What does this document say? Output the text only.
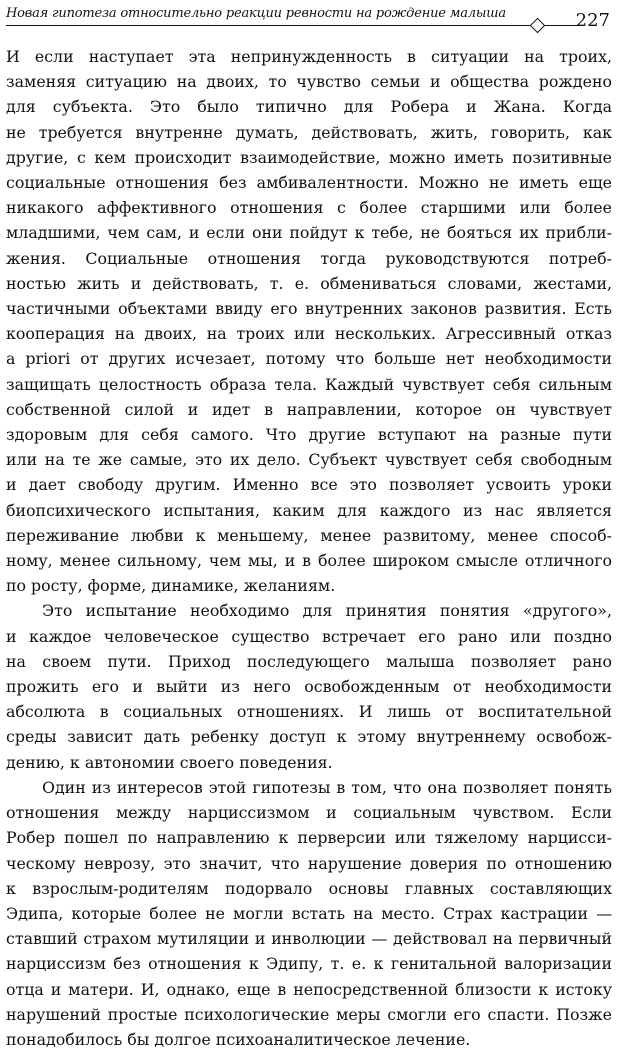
Новая гипотеза относительно реакции ревности на рождение малыша	227
И если наступает эта непринужденность в ситуации на троих,
заменяя ситуацию на двоих, то чувство семьи и общества рождено
для субъекта. Это было типично для Робера и Жана. Когда
не требуется внутренне думать, действовать, жить, говорить, как
другие, с кем происходит взаимодействие, можно иметь позитивные
социальные отношения без амбивалентности. Можно не иметь еще
никакого аффективного отношения с более старшими или более
младшими, чем сам, и если они пойдут к тебе, не бояться их прибли-
жения. Социальные отношения тогда руководствуются потреб-
ностью жить и действовать, т. е. обмениваться словами, жестами,
частичными объектами ввиду его внутренних законов развития. Есть
кооперация на двоих, на троих или нескольких. Агрессивный отказ
a priori от других исчезает, потому что больше нет необходимости
защищать целостность образа тела. Каждый чувствует себя сильным
собственной силой и идет в направлении, которое он чувствует
здоровым для себя самого. Что другие вступают на разные пути
или на те же самые, это их дело. Субъект чувствует себя свободным
и дает свободу другим. Именно все это позволяет усвоить уроки
биопсихического испытания, каким для каждого из нас является
переживание любви к меньшему, менее развитому, менее способ-
ному, менее сильному, чем мы, и в более широком смысле отличного
по росту, форме, динамике, желаниям.
Это испытание необходимо для принятия понятия «другого»,
и каждое человеческое существо встречает его рано или поздно
на своем пути. Приход последующего малыша позволяет рано
прожить его и выйти из него освобожденным от необходимости
абсолюта в социальных отношениях. И лишь от воспитательной
среды зависит дать ребенку доступ к этому внутреннему освобож-
дению, к автономии своего поведения.
Один из интересов этой гипотезы в том, что она позволяет понять
отношения между нарциссизмом и социальным чувством. Если
Робер пошел по направлению к перверсии или тяжелому нарцисси-
ческому неврозу, это значит, что нарушение доверия по отношению
к взрослым-родителям подорвало основы главных составляющих
Эдипа, которые более не могли встать на место. Страх кастрации —
ставший страхом мутиляции и инволюции — действовал на первичный
нарциссизм без отношения к Эдипу, т. е. к генитальной валоризации
отца и матери. И, однако, еще в непосредственной близости к истоку
нарушений простые психологические меры смогли его спасти. Позже
понадобилось бы долгое психоаналитическое лечение.
